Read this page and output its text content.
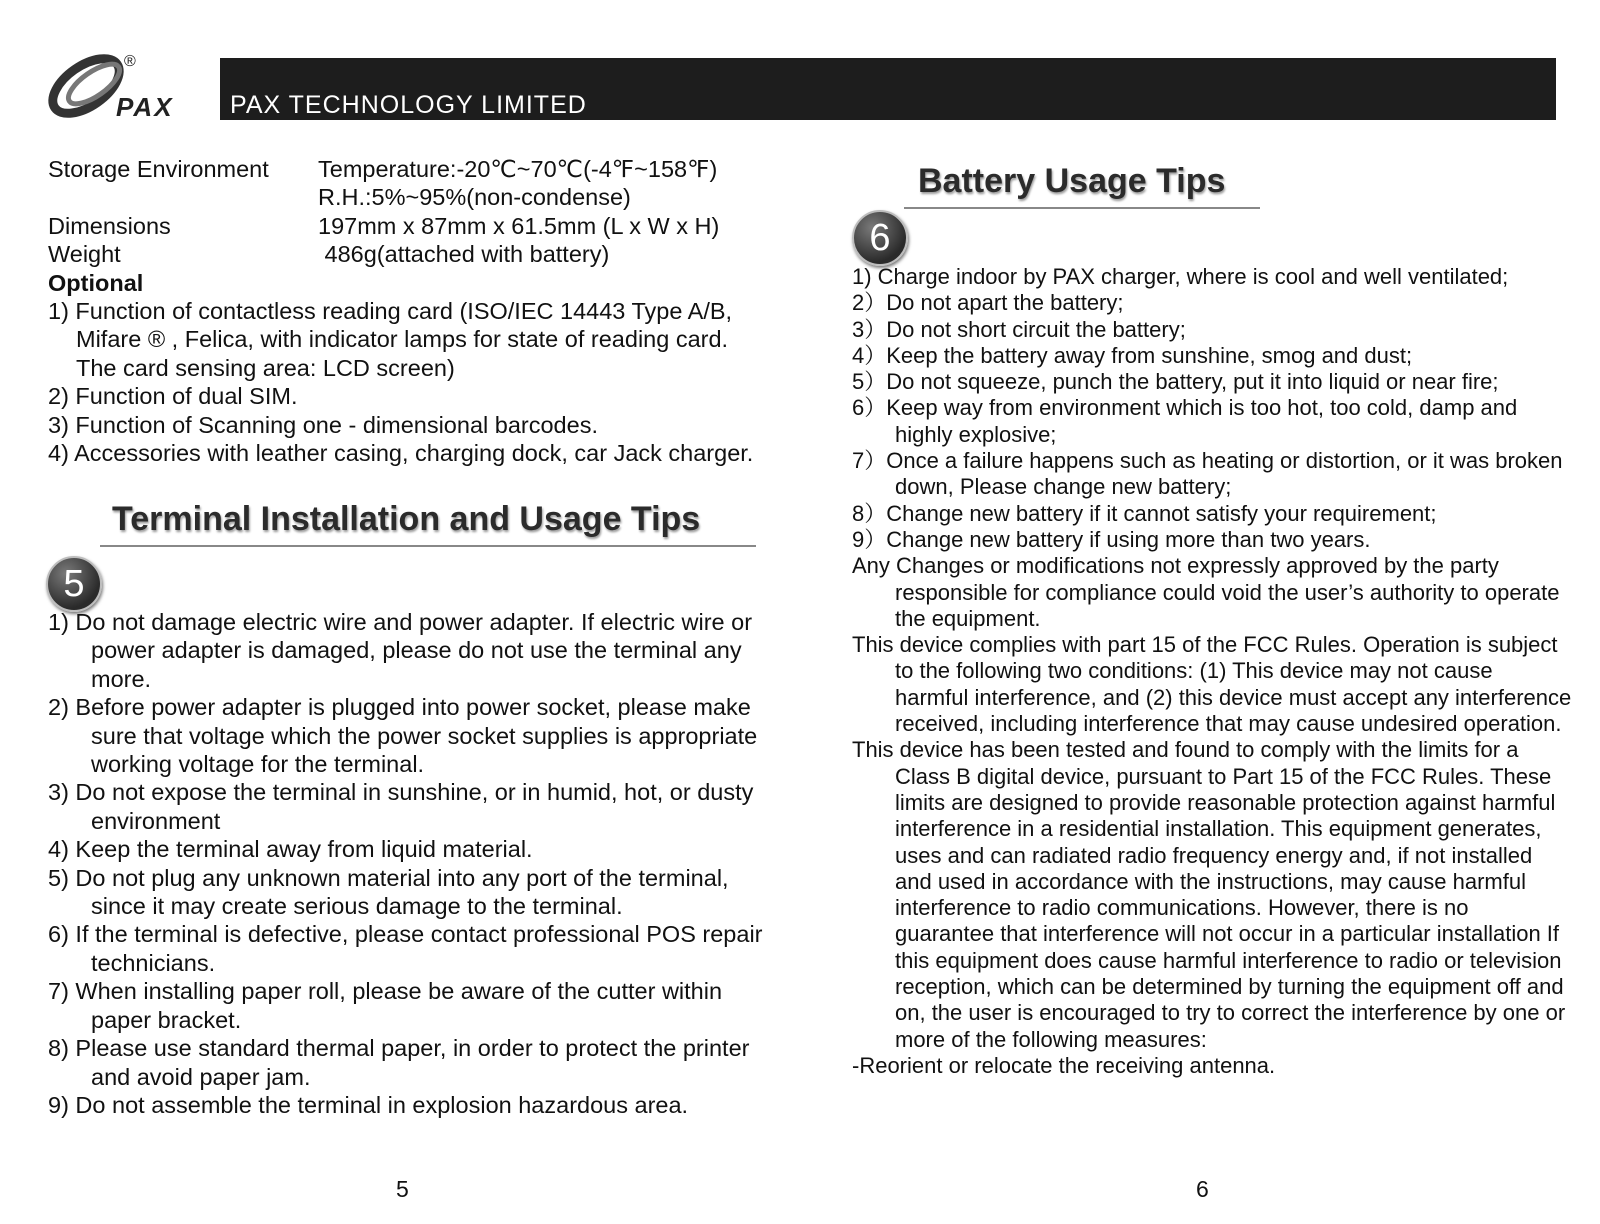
PAX
®
PAX TECHNOLOGY LIMITED
Storage Environment	Temperature:-20℃~70℃(-4℉~158℉)
R.H.:5%~95%(non-condense)
Dimensions	197mm x 87mm x 61.5mm (L x W x H)
Weight	486g(attached with battery)
Optional
1) Function of contactless reading card (ISO/IEC 14443 Type A/B, Mifare ® , Felica, with indicator lamps for state of reading card. The card sensing area: LCD screen)
2) Function of dual SIM.
3) Function of Scanning one - dimensional barcodes.
4) Accessories with leather casing, charging dock, car Jack charger.
Terminal Installation and Usage Tips
5
1) Do not damage electric wire and power adapter. If electric wire or power adapter is damaged, please do not use the terminal any more.
2) Before power adapter is plugged into power socket, please make sure that voltage which the power socket supplies is appropriate working voltage for the terminal.
3) Do not expose the terminal in sunshine, or in humid, hot, or dusty environment
4) Keep the terminal away from liquid material.
5) Do not plug any unknown material into any port of the terminal, since it may create serious damage to the terminal.
6) If the terminal is defective, please contact professional POS repair technicians.
7) When installing paper roll, please be aware of the cutter within paper bracket.
8) Please use standard thermal paper, in order to protect the printer and avoid paper jam.
9) Do not assemble the terminal in explosion hazardous area.
5
Battery Usage Tips
6
1) Charge indoor by PAX charger, where is cool and well ventilated;
2）Do not apart the battery;
3）Do not short circuit the battery;
4）Keep the battery away from sunshine, smog and dust;
5）Do not squeeze, punch the battery, put it into liquid or near fire;
6）Keep way from environment which is too hot, too cold, damp and highly explosive;
7）Once a failure happens such as heating or distortion, or it was broken down, Please change new battery;
8）Change new battery if it cannot satisfy your requirement;
9）Change new battery if using more than two years.
Any Changes or modifications not expressly approved by the party responsible for compliance could void the user’s authority to operate the equipment.
This device complies with part 15 of the FCC Rules. Operation is subject to the following two conditions: (1) This device may not cause harmful interference, and (2) this device must accept any interference received, including interference that may cause undesired operation.
This device has been tested and found to comply with the limits for a Class B digital device, pursuant to Part 15 of the FCC Rules. These limits are designed to provide reasonable protection against harmful interference in a residential installation. This equipment generates, uses and can radiated radio frequency energy and, if not installed and used in accordance with the instructions, may cause harmful interference to radio communications. However, there is no guarantee that interference will not occur in a particular installation If this equipment does cause harmful interference to radio or television reception, which can be determined by turning the equipment off and on, the user is encouraged to try to correct the interference by one or more of the following measures:
-Reorient or relocate the receiving antenna.
6
